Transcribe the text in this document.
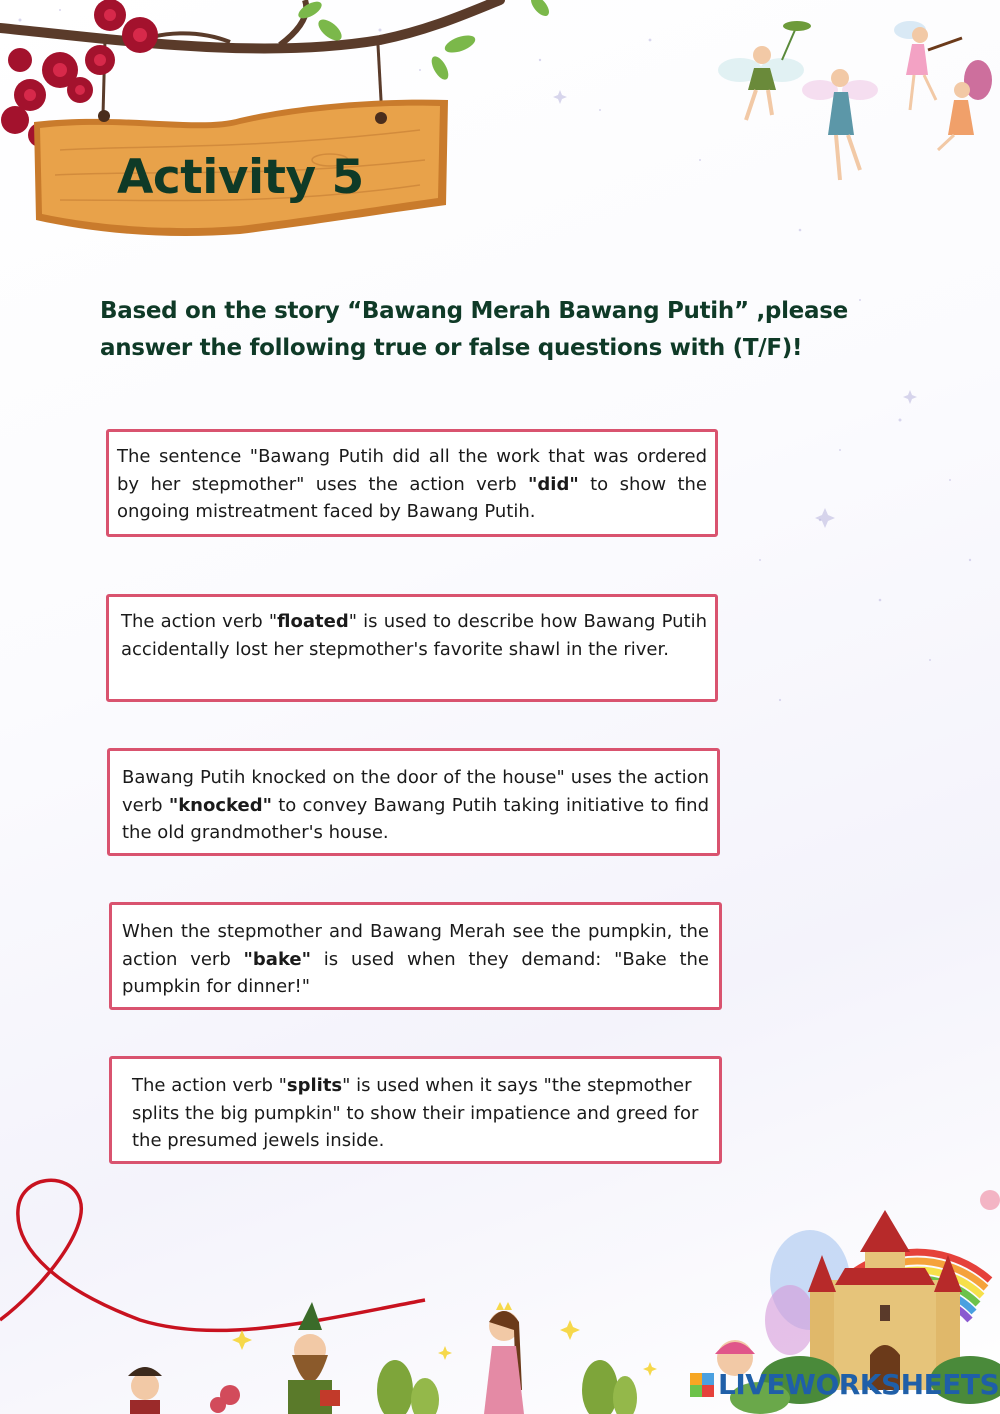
Activity 5

Based on the story “Bawang Merah Bawang Putih” ,please answer the following true or false questions with (T/F)!

The sentence "Bawang Putih did all the work that was ordered by her stepmother" uses the action verb "did" to show the ongoing mistreatment faced by Bawang Putih.

The action verb "floated" is used to describe how Bawang Putih accidentally lost her stepmother's favorite shawl in the river.

Bawang Putih knocked on the door of the house" uses the action verb "knocked" to convey Bawang Putih taking initiative to find the old grandmother's house.

When the stepmother and Bawang Merah see the pumpkin, the action verb "bake" is used when they demand: "Bake the pumpkin for dinner!"

The action verb "splits" is used when it says "the stepmother
splits the big pumpkin" to show their impatience and greed for
the presumed jewels inside.

LIVEWORKSHEETS
